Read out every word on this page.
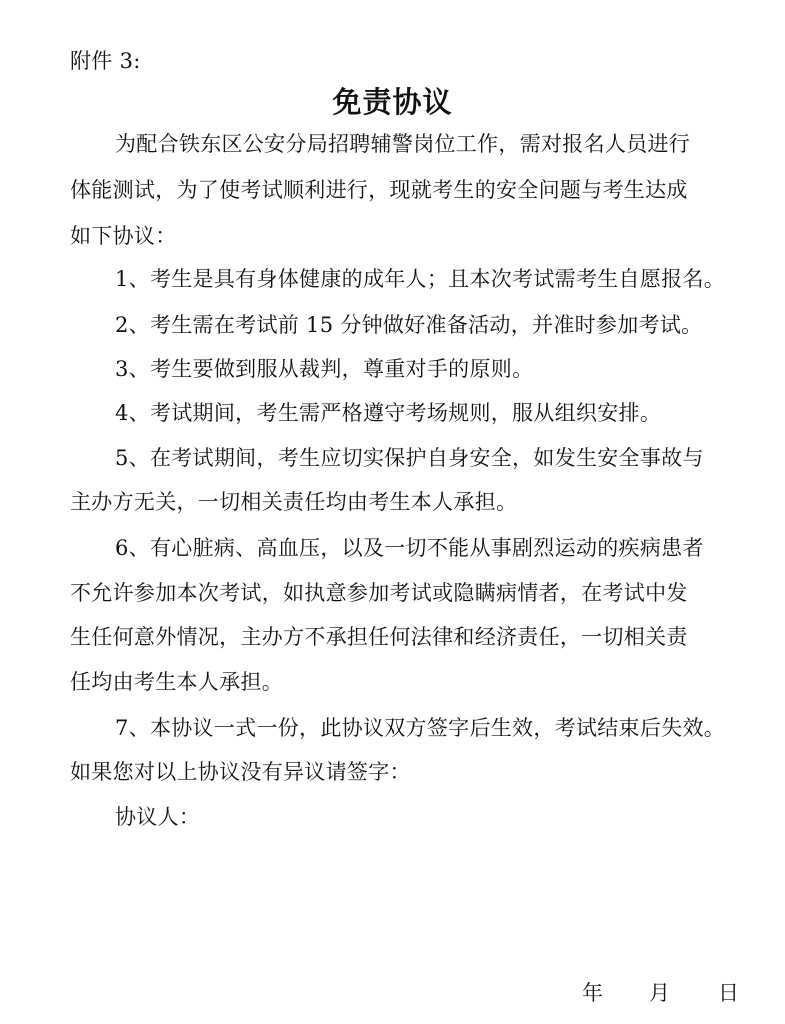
附件 3:
免责协议
为配合铁东区公安分局招聘辅警岗位工作，需对报名人员进行
体能测试，为了使考试顺利进行，现就考生的安全问题与考生达成
如下协议：
1、考生是具有身体健康的成年人；且本次考试需考生自愿报名。
2、考生需在考试前 15 分钟做好准备活动，并准时参加考试。
3、考生要做到服从裁判，尊重对手的原则。
4、考试期间，考生需严格遵守考场规则，服从组织安排。
5、在考试期间，考生应切实保护自身安全，如发生安全事故与
主办方无关，一切相关责任均由考生本人承担。
6、有心脏病、高血压，以及一切不能从事剧烈运动的疾病患者
不允许参加本次考试，如执意参加考试或隐瞒病情者，在考试中发
生任何意外情况，主办方不承担任何法律和经济责任，一切相关责
任均由考生本人承担。
7、本协议一式一份，此协议双方签字后生效，考试结束后失效。
如果您对以上协议没有异议请签字：
协议人：
年 月 日
